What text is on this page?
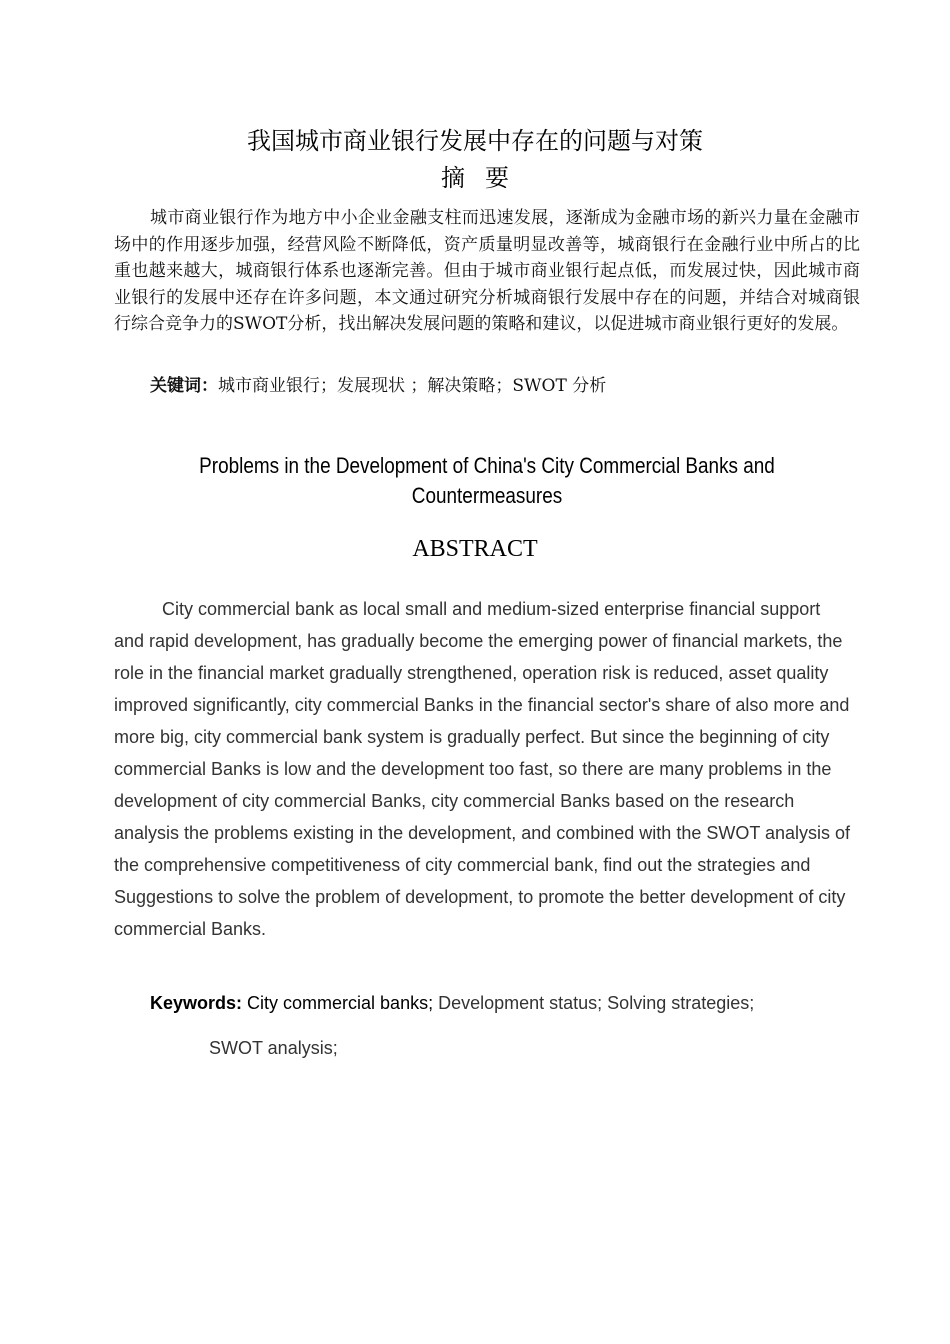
我国城市商业银行发展中存在的问题与对策
摘要

城市商业银行作为地方中小企业金融支柱而迅速发展，逐渐成为金融市场的新兴力量在金融市场中的作用逐步加强，经营风险不断降低，资产质量明显改善等，城商银行在金融行业中所占的比重也越来越大，城商银行体系也逐渐完善。但由于城市商业银行起点低，而发展过快，因此城市商业银行的发展中还存在许多问题，本文通过研究分析城商银行发展中存在的问题，并结合对城商银行综合竞争力的SWOT分析，找出解决发展问题的策略和建议，以促进城市商业银行更好的发展。

关键词：城市商业银行；发展现状 ；解决策略；SWOT 分析
Problems in the Development of China's City Commercial Banks and Countermeasures
ABSTRACT

City commercial bank as local small and medium-sized enterprise financial support and rapid development, has gradually become the emerging power of financial markets, the role in the financial market gradually strengthened, operation risk is reduced, asset quality improved significantly, city commercial Banks in the financial sector's share of also more and more big, city commercial bank system is gradually perfect. But since the beginning of city commercial Banks is low and the development too fast, so there are many problems in the development of city commercial Banks, city commercial Banks based on the research analysis the problems existing in the development, and combined with the SWOT analysis of the comprehensive competitiveness of city commercial bank, find out the strategies and Suggestions to solve the problem of development, to promote the better development of city commercial Banks.

Keywords: City commercial banks; Development status; Solving strategies;
SWOT analysis;
